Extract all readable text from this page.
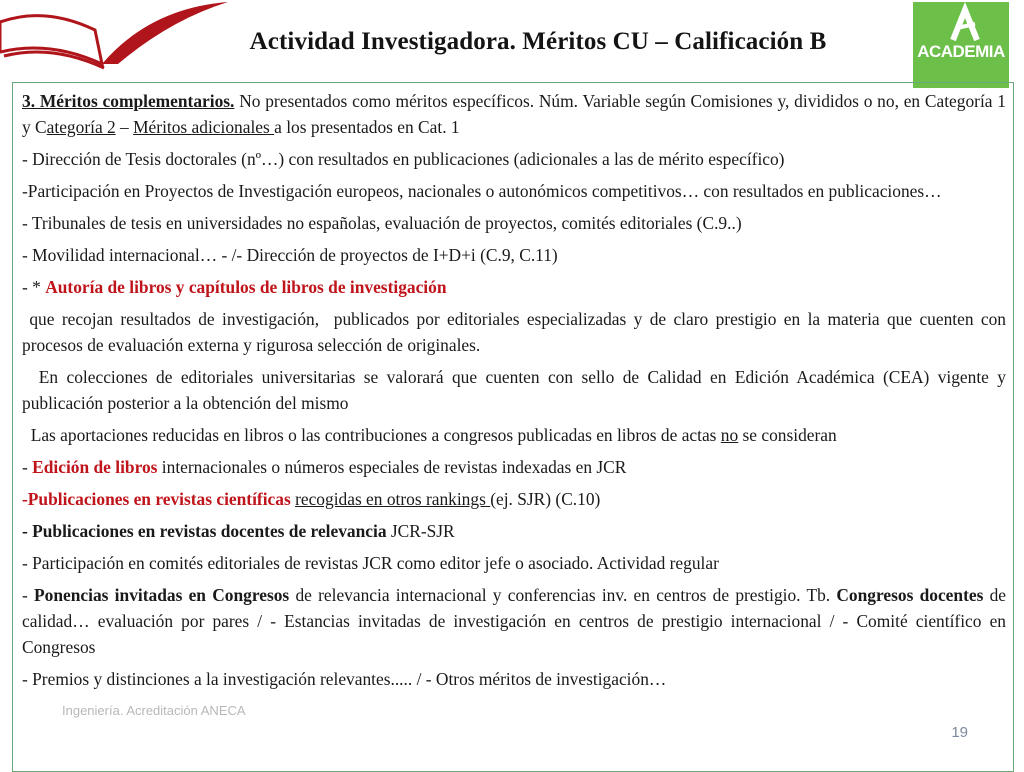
Actividad Investigadora. Méritos CU – Calificación B	ACADEMIA

3. Méritos complementarios. No presentados como méritos específicos. Núm. Variable según Comisiones y, divididos o no, en Categoría 1 y Categoría 2 – Méritos adicionales a los presentados en Cat. 1

- Dirección de Tesis doctorales (nº…) con resultados en publicaciones (adicionales a las de mérito específico)

-Participación en Proyectos de Investigación europeos, nacionales o autonómicos competitivos… con resultados en publicaciones…

- Tribunales de tesis en universidades no españolas, evaluación de proyectos, comités editoriales (C.9..)

- Movilidad internacional… - /- Dirección de proyectos de I+D+i (C.9, C.11)

- * Autoría de libros y capítulos de libros de investigación

que recojan resultados de investigación,  publicados por editoriales especializadas y de claro prestigio en la materia que cuenten con procesos de evaluación externa y rigurosa selección de originales.

En colecciones de editoriales universitarias se valorará que cuenten con sello de Calidad en Edición Académica (CEA) vigente y publicación posterior a la obtención del mismo

Las aportaciones reducidas en libros o las contribuciones a congresos publicadas en libros de actas no se consideran

- Edición de libros internacionales o números especiales de revistas indexadas en JCR

-Publicaciones en revistas científicas recogidas en otros rankings (ej. SJR) (C.10)

- Publicaciones en revistas docentes de relevancia JCR-SJR

- Participación en comités editoriales de revistas JCR como editor jefe o asociado. Actividad regular

- Ponencias invitadas en Congresos de relevancia internacional y conferencias inv. en centros de prestigio. Tb. Congresos docentes de calidad… evaluación por pares / - Estancias invitadas de investigación en centros de prestigio internacional / - Comité científico en Congresos

- Premios y distinciones a la investigación relevantes..... / - Otros méritos de investigación…

Ingeniería. Acreditación ANECA
19
